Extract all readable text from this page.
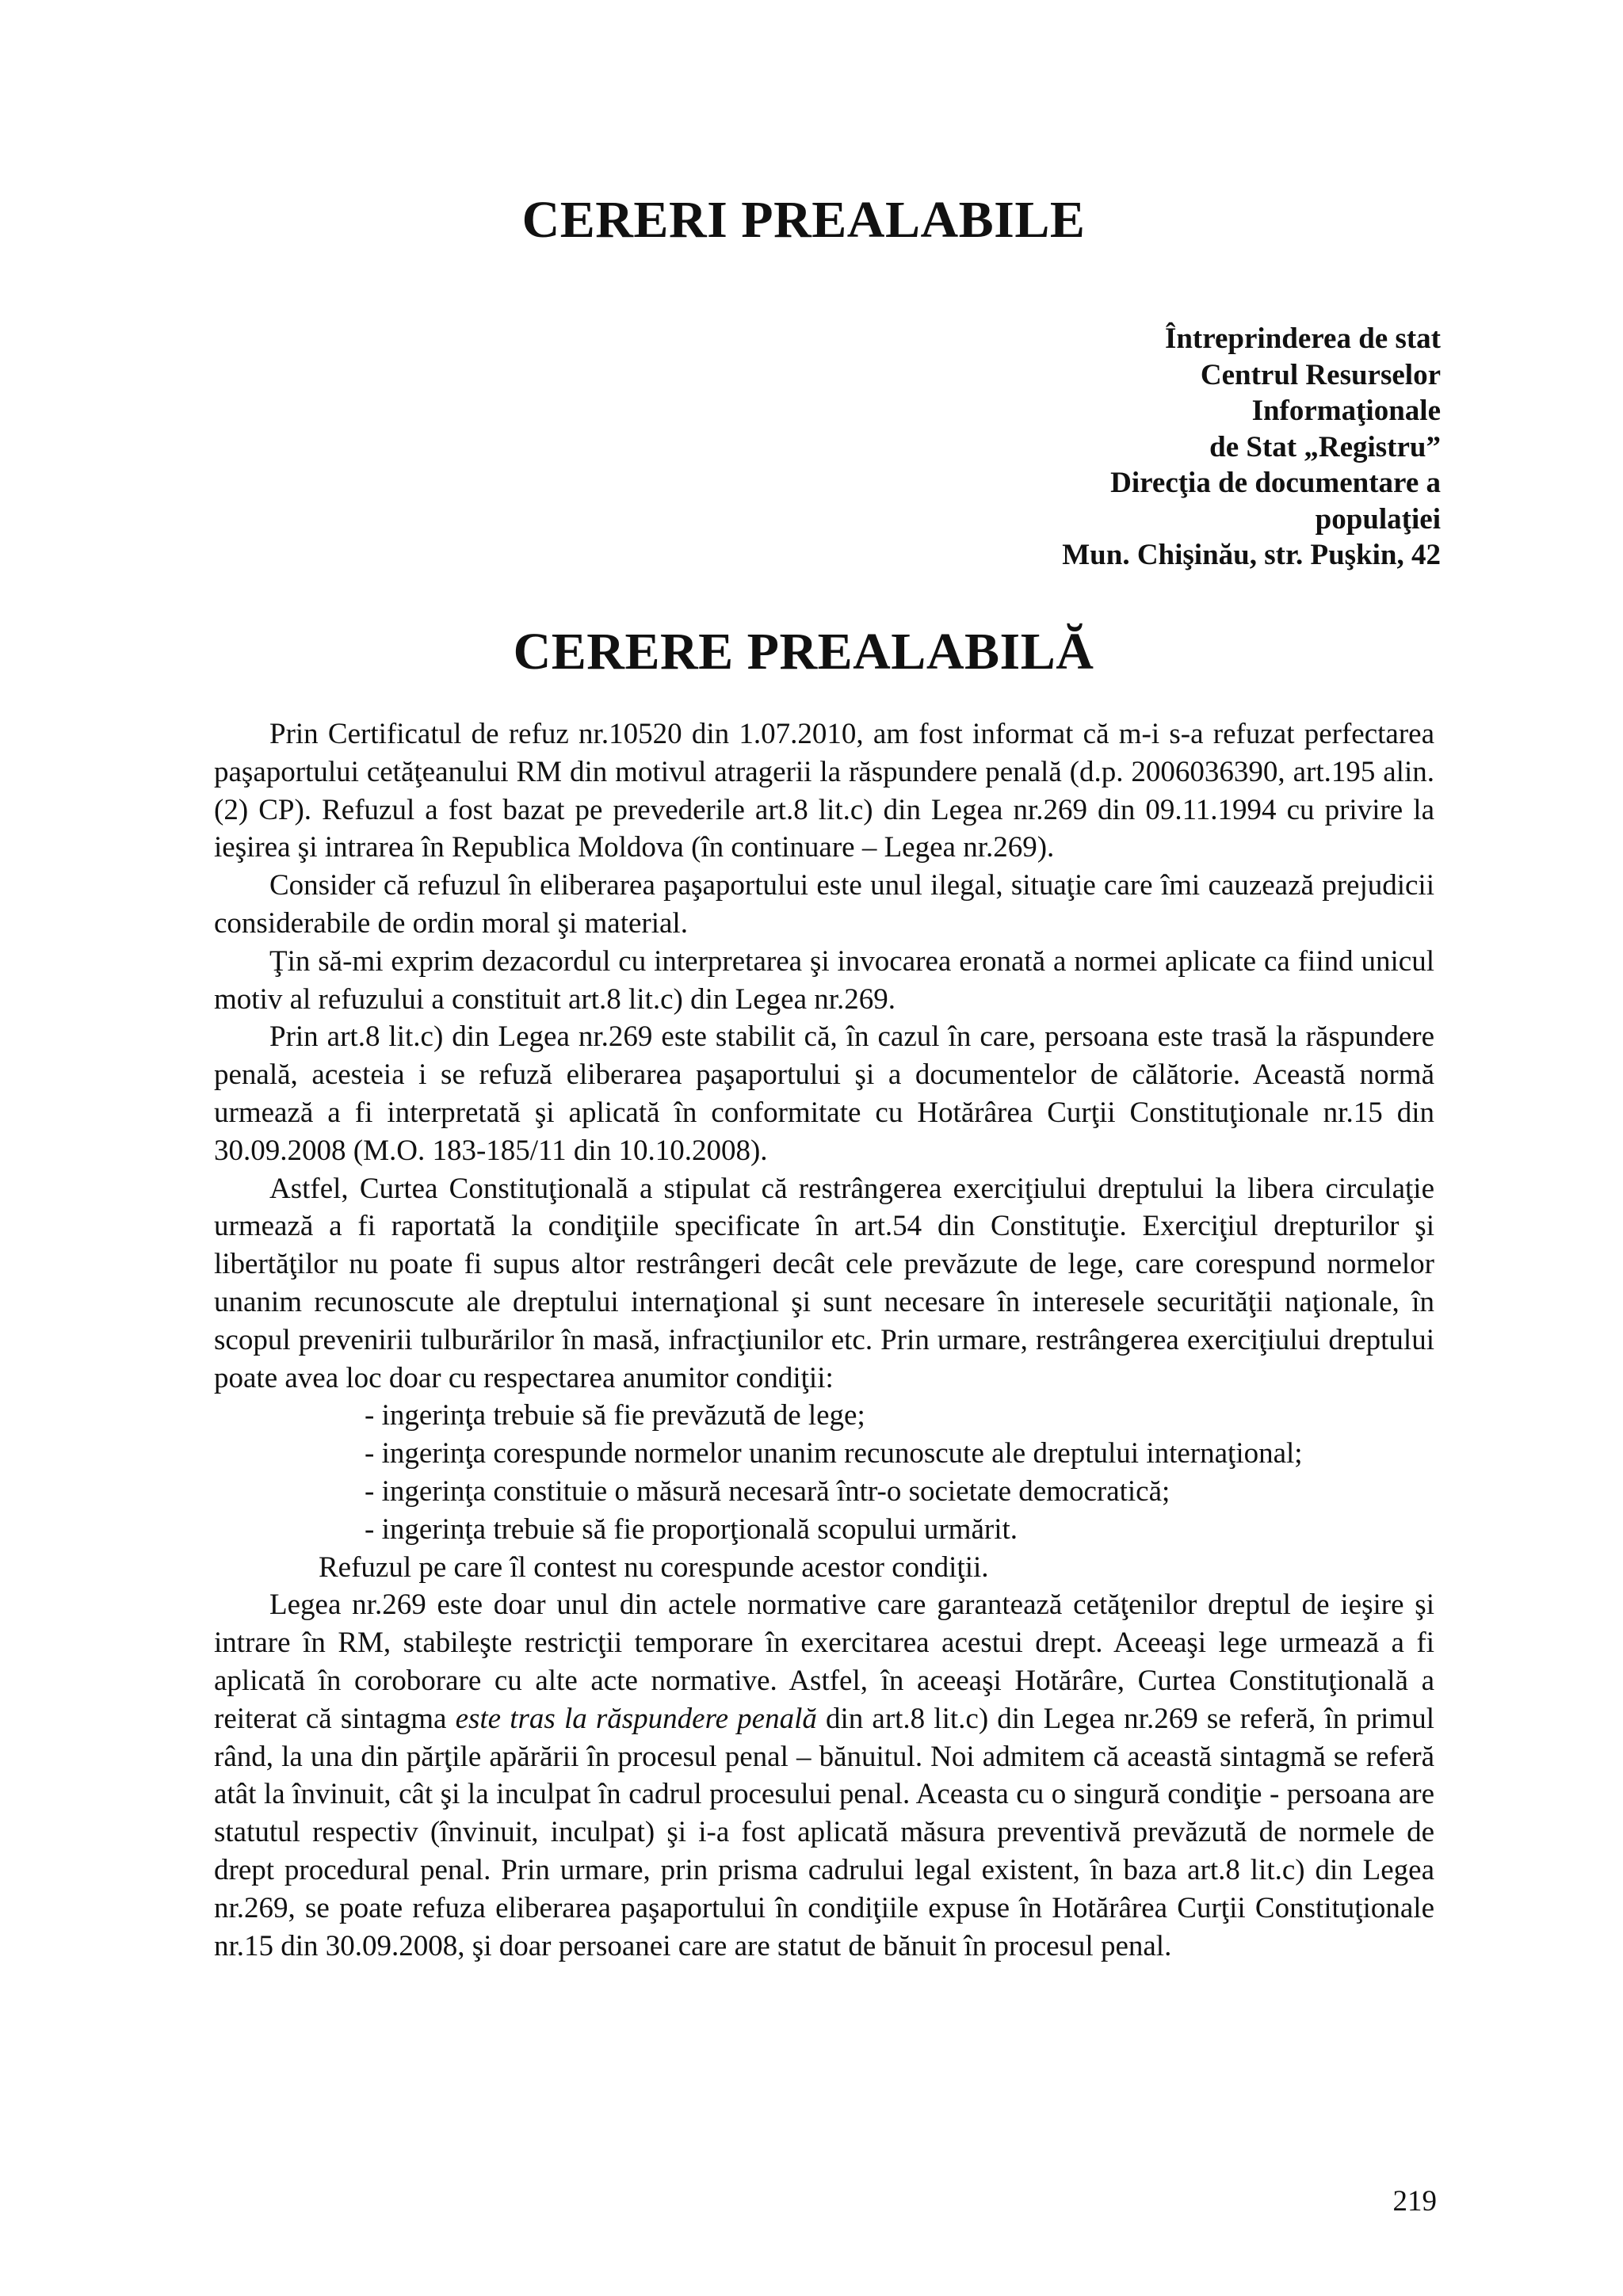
CERERI PREALABILE
Întreprinderea de stat
Centrul Resurselor
Informaţionale
de Stat „Registru”
Direcţia de documentare a
populaţiei
Mun. Chişinău, str. Puşkin, 42
CERERE PREALABILĂ

Prin Certificatul de refuz nr.10520 din 1.07.2010, am fost informat că m-i s-a refuzat perfectarea paşaportului cetăţeanului RM din motivul atragerii la răspundere penală (d.p. 2006036390, art.195 alin.(2) CP). Refuzul a fost bazat pe prevederile art.8 lit.c) din Legea nr.269 din 09.11.1994 cu privire la ieşirea şi intrarea în Republica Moldova (în continuare – Legea nr.269).

Consider că refuzul în eliberarea paşaportului este unul ilegal, situaţie care îmi cauzează prejudicii considerabile de ordin moral şi material.

Ţin să-mi exprim dezacordul cu interpretarea şi invocarea eronată a normei aplicate ca fiind unicul motiv al refuzului a constituit art.8 lit.c) din Legea nr.269.

Prin art.8 lit.c) din Legea nr.269 este stabilit că, în cazul în care, persoana este trasă la răspundere penală, acesteia i se refuză eliberarea paşaportului şi a documentelor de călătorie. Această normă urmează a fi interpretată şi aplicată în conformitate cu Hotărârea Curţii Constituţionale nr.15 din 30.09.2008 (M.O. 183-185/11 din 10.10.2008).

Astfel, Curtea Constituţională a stipulat că restrângerea exerciţiului dreptului la libera circulaţie urmează a fi raportată la condiţiile specificate în art.54 din Constituţie. Exerciţiul drepturilor şi libertăţilor nu poate fi supus altor restrângeri decât cele prevăzute de lege, care corespund normelor unanim recunoscute ale dreptului internaţional şi sunt necesare în interesele securităţii naţionale, în scopul prevenirii tulburărilor în masă, infracţiunilor etc. Prin urmare, restrângerea exerciţiului dreptului poate avea loc doar cu respectarea anumitor condiţii:

- ingerinţa trebuie să fie prevăzută de lege;
- ingerinţa corespunde normelor unanim recunoscute ale dreptului internaţional;
- ingerinţa constituie o măsură necesară într-o societate democratică;
- ingerinţa trebuie să fie proporţională scopului urmărit.

Refuzul pe care îl contest nu corespunde acestor condiţii.

Legea nr.269 este doar unul din actele normative care garantează cetăţenilor dreptul de ieşire şi intrare în RM, stabileşte restricţii temporare în exercitarea acestui drept. Aceeaşi lege urmează a fi aplicată în coroborare cu alte acte normative. Astfel, în aceeaşi Hotărâre, Curtea Constituţională a reiterat că sintagma este tras la răspundere penală din art.8 lit.c) din Legea nr.269 se referă, în primul rând, la una din părţile apărării în procesul penal – bănuitul. Noi admitem că această sintagmă se referă atât la învinuit, cât şi la inculpat în cadrul procesului penal. Aceasta cu o singură condiţie - persoana are statutul respectiv (învinuit, inculpat) şi i-a fost aplicată măsura preventivă prevăzută de normele de drept procedural penal. Prin urmare, prin prisma cadrului legal existent, în baza art.8 lit.c) din Legea nr.269, se poate refuza eliberarea paşaportului în condiţiile expuse în Hotărârea Curţii Constituţionale nr.15 din 30.09.2008, şi doar persoanei care are statut de bănuit în procesul penal.

219
